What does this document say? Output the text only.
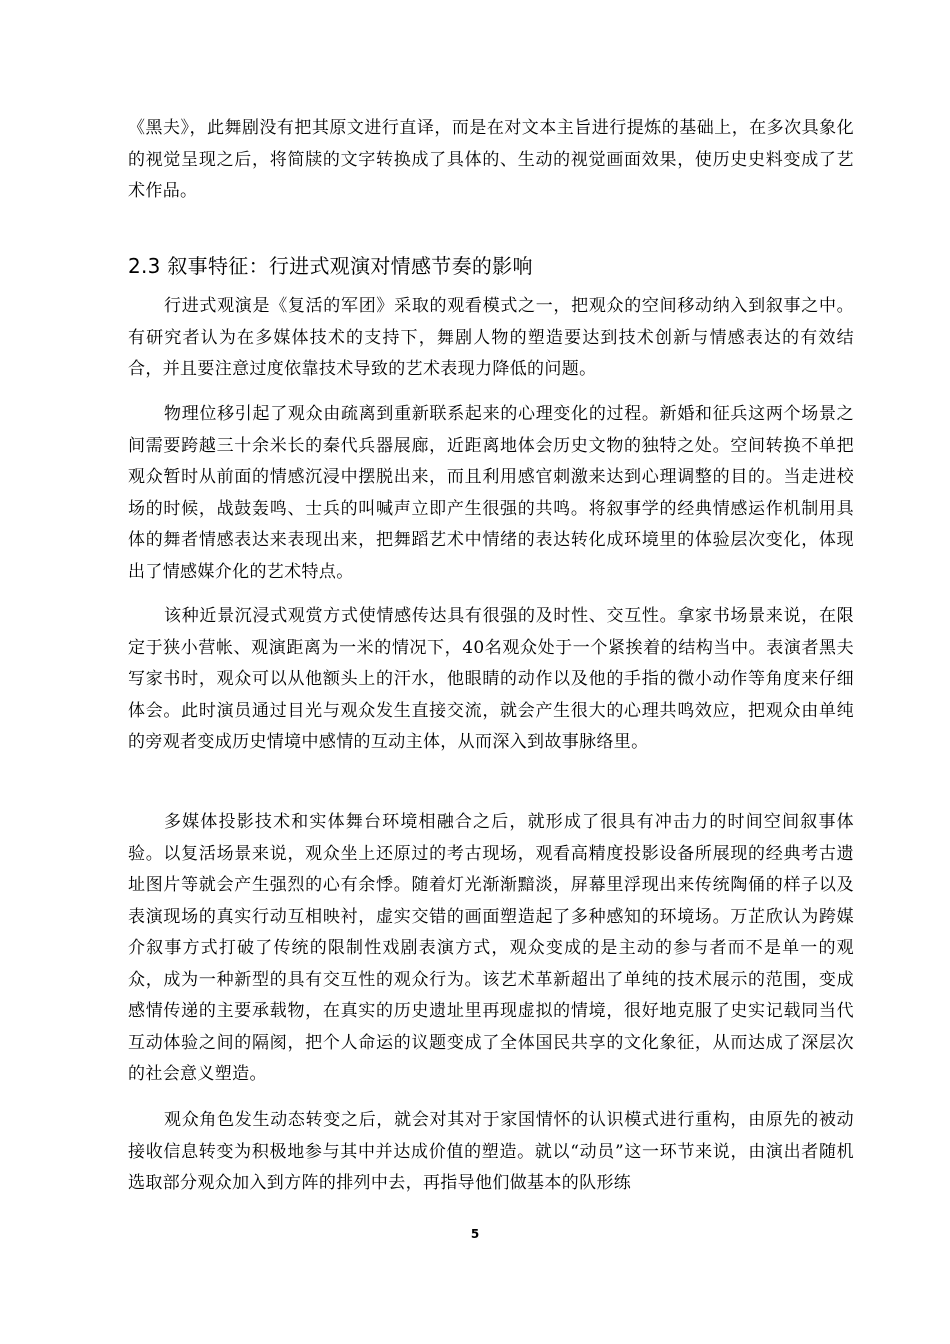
《黑夫》，此舞剧没有把其原文进行直译，而是在对文本主旨进行提炼的基础上，在多次具象化的视觉呈现之后，将简牍的文字转换成了具体的、生动的视觉画面效果，使历史史料变成了艺术作品。

2.3 叙事特征：行进式观演对情感节奏的影响

行进式观演是《复活的军团》采取的观看模式之一，把观众的空间移动纳入到叙事之中。有研究者认为在多媒体技术的支持下，舞剧人物的塑造要达到技术创新与情感表达的有效结合，并且要注意过度依靠技术导致的艺术表现力降低的问题。

物理位移引起了观众由疏离到重新联系起来的心理变化的过程。新婚和征兵这两个场景之间需要跨越三十余米长的秦代兵器展廊，近距离地体会历史文物的独特之处。空间转换不单把观众暂时从前面的情感沉浸中摆脱出来，而且利用感官刺激来达到心理调整的目的。当走进校场的时候，战鼓轰鸣、士兵的叫喊声立即产生很强的共鸣。将叙事学的经典情感运作机制用具体的舞者情感表达来表现出来，把舞蹈艺术中情绪的表达转化成环境里的体验层次变化，体现出了情感媒介化的艺术特点。

该种近景沉浸式观赏方式使情感传达具有很强的及时性、交互性。拿家书场景来说，在限定于狭小营帐、观演距离为一米的情况下，40名观众处于一个紧挨着的结构当中。表演者黑夫写家书时，观众可以从他额头上的汗水，他眼睛的动作以及他的手指的微小动作等角度来仔细体会。此时演员通过目光与观众发生直接交流，就会产生很大的心理共鸣效应，把观众由单纯的旁观者变成历史情境中感情的互动主体，从而深入到故事脉络里。

多媒体投影技术和实体舞台环境相融合之后，就形成了很具有冲击力的时间空间叙事体验。以复活场景来说，观众坐上还原过的考古现场，观看高精度投影设备所展现的经典考古遗址图片等就会产生强烈的心有余悸。随着灯光渐渐黯淡，屏幕里浮现出来传统陶俑的样子以及表演现场的真实行动互相映衬，虚实交错的画面塑造起了多种感知的环境场。万芷欣认为跨媒介叙事方式打破了传统的限制性戏剧表演方式，观众变成的是主动的参与者而不是单一的观众，成为一种新型的具有交互性的观众行为。该艺术革新超出了单纯的技术展示的范围，变成感情传递的主要承载物，在真实的历史遗址里再现虚拟的情境，很好地克服了史实记载同当代互动体验之间的隔阂，把个人命运的议题变成了全体国民共享的文化象征，从而达成了深层次的社会意义塑造。

观众角色发生动态转变之后，就会对其对于家国情怀的认识模式进行重构，由原先的被动接收信息转变为积极地参与其中并达成价值的塑造。就以“动员”这一环节来说，由演出者随机选取部分观众加入到方阵的排列中去，再指导他们做基本的队形练

5
